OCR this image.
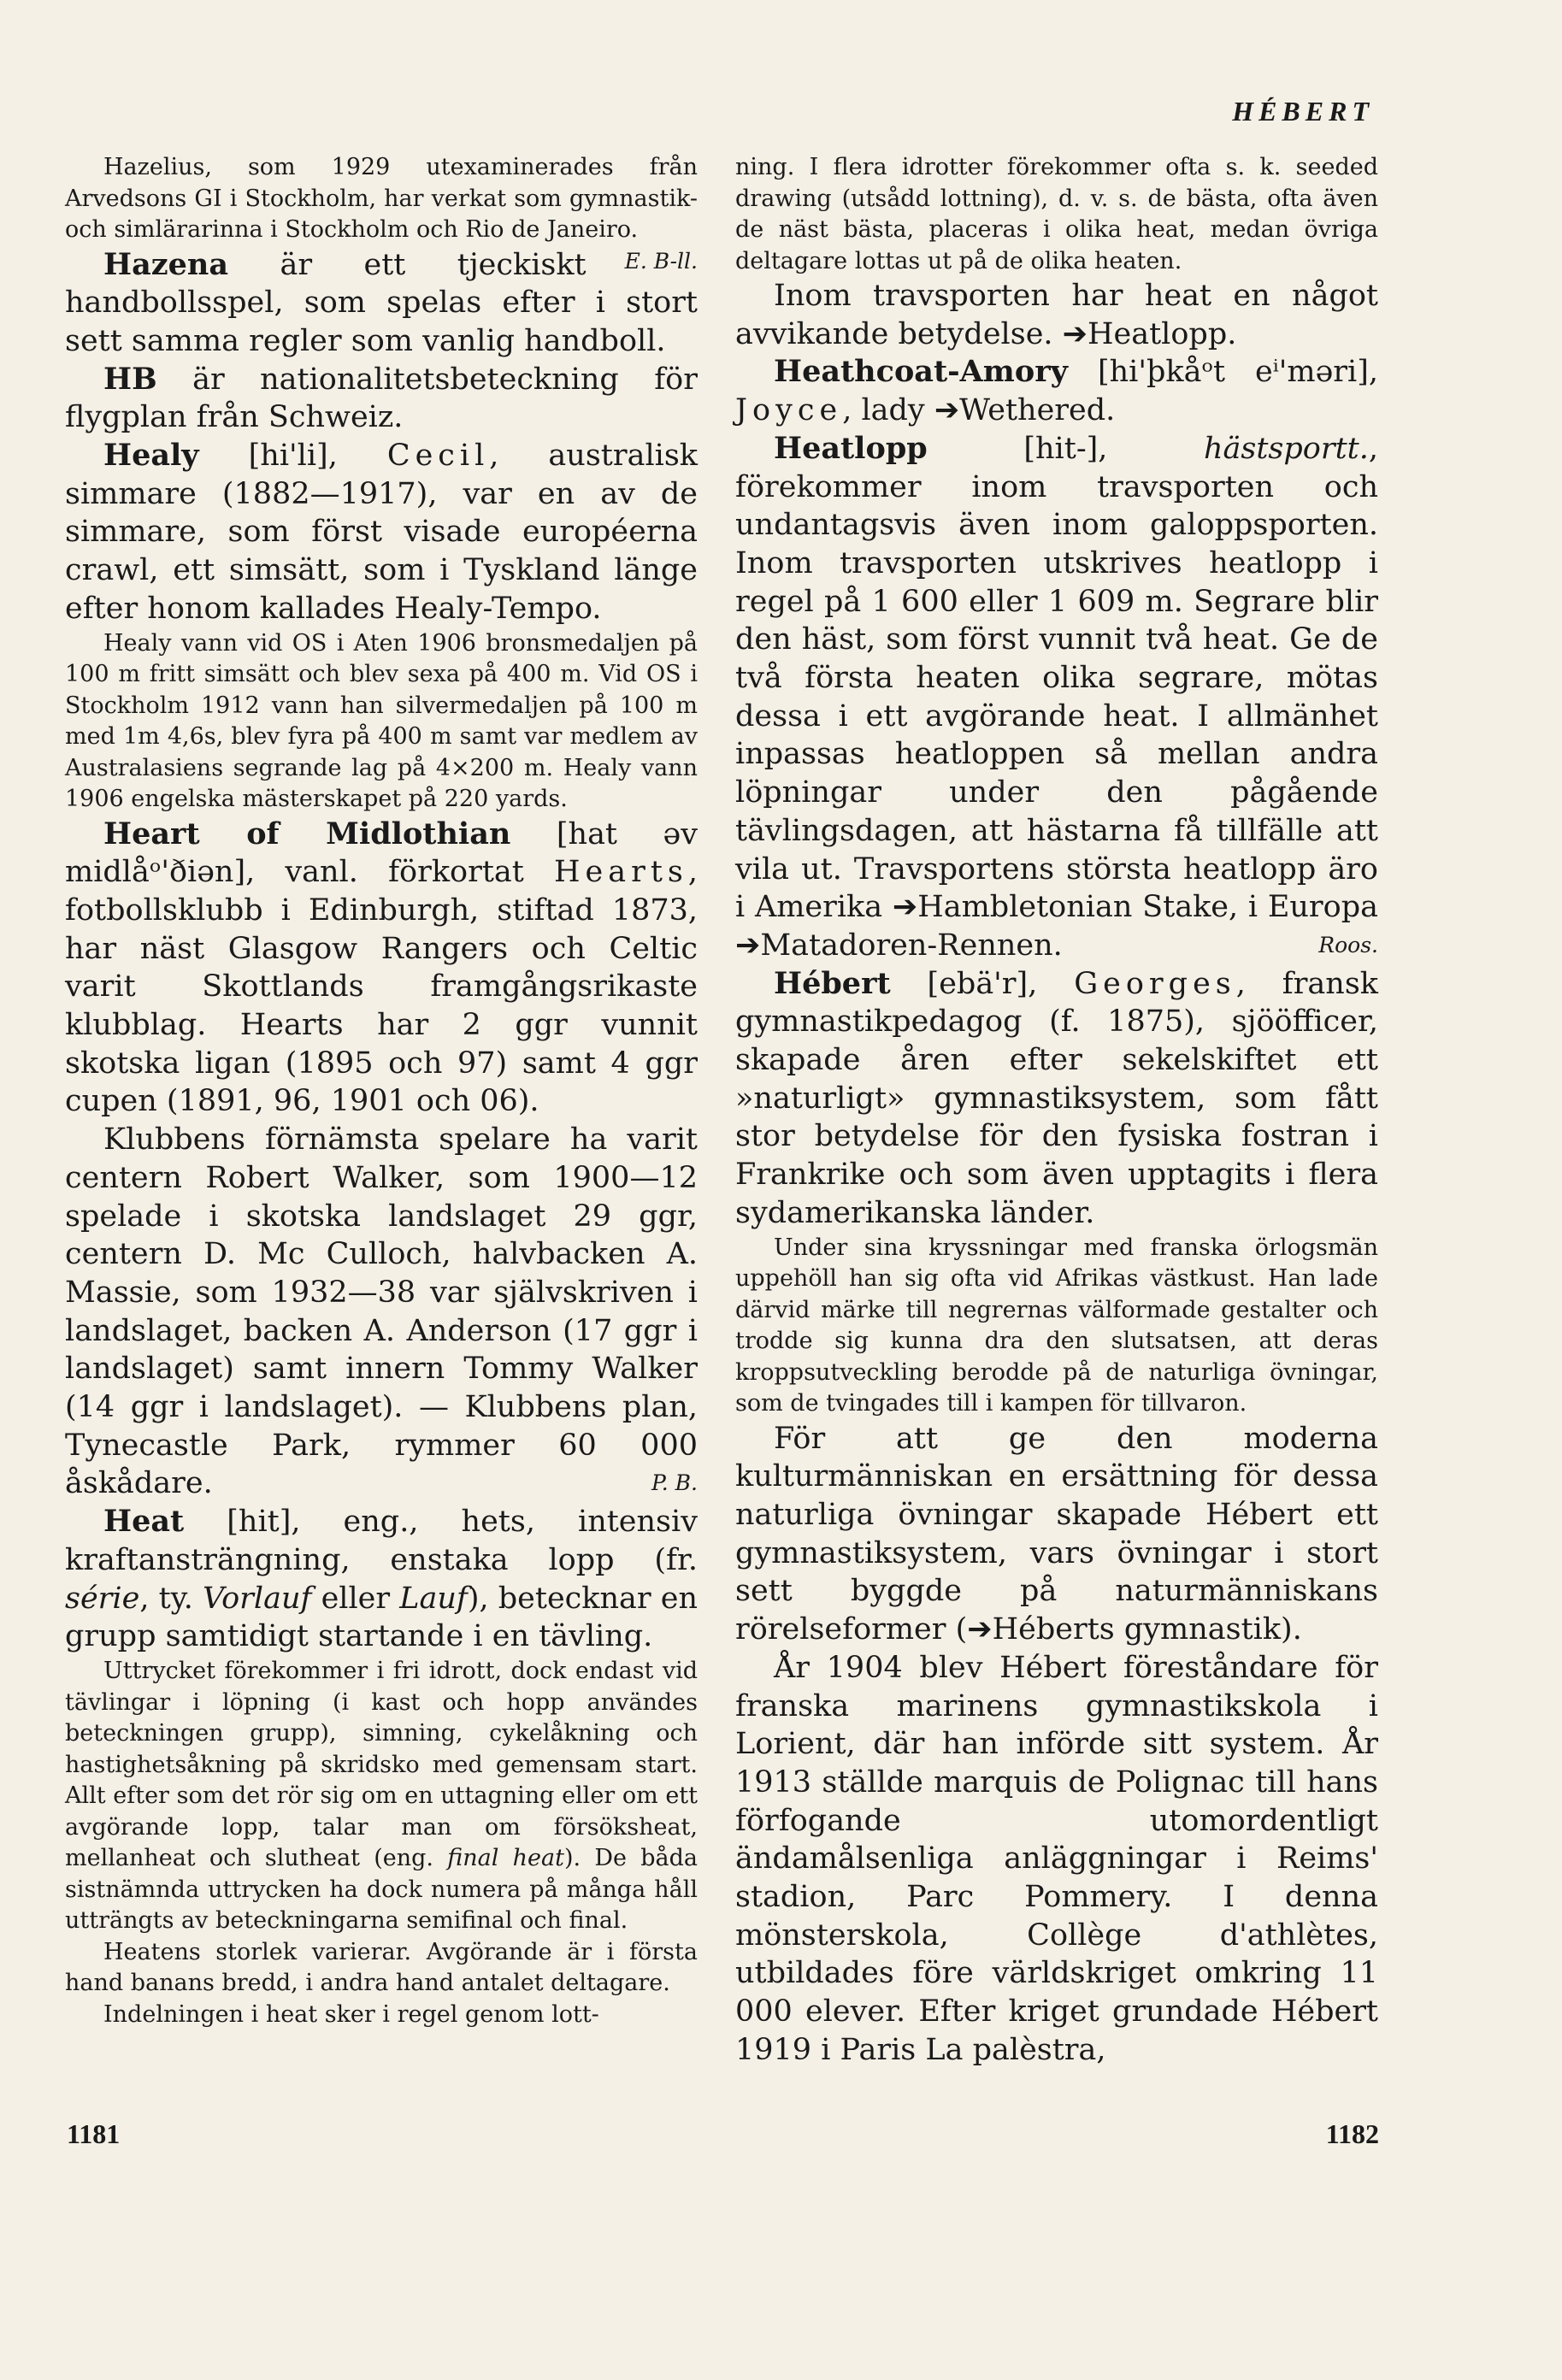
HÉBERT

Hazelius, som 1929 utexaminerades från Arvedsons GI i Stockholm, har verkat som gymnastik- och simlärarinna i Stockholm och Rio de Janeiro.
E. B-ll.

Hazena är ett tjeckiskt handbollsspel, som spelas efter i stort sett samma regler som vanlig handboll.

HB är nationalitetsbeteckning för flygplan från Schweiz.

Healy [hi'li], Cecil, australisk simmare (1882—1917), var en av de simmare, som först visade européerna crawl, ett simsätt, som i Tyskland länge efter honom kallades Healy-Tempo.

Healy vann vid OS i Aten 1906 bronsmedaljen på 100 m fritt simsätt och blev sexa på 400 m. Vid OS i Stockholm 1912 vann han silvermedaljen på 100 m med 1m 4,6s, blev fyra på 400 m samt var medlem av Australasiens segrande lag på 4×200 m. Healy vann 1906 engelska mästerskapet på 220 yards.

Heart of Midlothian [hat əv midlåᵒ'ðiən], vanl. förkortat Hearts, fotbollsklubb i Edinburgh, stiftad 1873, har näst Glasgow Rangers och Celtic varit Skottlands framgångsrikaste klubblag. Hearts har 2 ggr vunnit skotska ligan (1895 och 97) samt 4 ggr cupen (1891, 96, 1901 och 06).

Klubbens förnämsta spelare ha varit centern Robert Walker, som 1900—12 spelade i skotska landslaget 29 ggr, centern D. Mc Culloch, halvbacken A. Massie, som 1932—38 var självskriven i landslaget, backen A. Anderson (17 ggr i landslaget) samt innern Tommy Walker (14 ggr i landslaget). — Klubbens plan, Tynecastle Park, rymmer 60 000 åskådare.	P. B.

Heat [hit], eng., hets, intensiv kraftansträngning, enstaka lopp (fr. série, ty. Vorlauf eller Lauf), betecknar en grupp samtidigt startande i en tävling.

Uttrycket förekommer i fri idrott, dock endast vid tävlingar i löpning (i kast och hopp användes beteckningen grupp), simning, cykelåkning och hastighetsåkning på skridsko med gemensam start. Allt efter som det rör sig om en uttagning eller om ett avgörande lopp, talar man om försöksheat, mellanheat och slutheat (eng. final heat). De båda sistnämnda uttrycken ha dock numera på många håll utträngts av beteckningarna semifinal och final.

Heatens storlek varierar. Avgörande är i första hand banans bredd, i andra hand antalet deltagare.

Indelningen i heat sker i regel genom lott-

ning. I flera idrotter förekommer ofta s. k. seeded drawing (utsådd lottning), d. v. s. de bästa, ofta även de näst bästa, placeras i olika heat, medan övriga deltagare lottas ut på de olika heaten.

Inom travsporten har heat en något avvikande betydelse. ➔Heatlopp.

Heathcoat-Amory [hi'þkåᵒt eⁱ'məri], Joyce, lady ➔Wethered.

Heatlopp [hit-], hästsportt., förekommer inom travsporten och undantagsvis även inom galoppsporten. Inom travsporten utskrives heatlopp i regel på 1 600 eller 1 609 m. Segrare blir den häst, som först vunnit två heat. Ge de två första heaten olika segrare, mötas dessa i ett avgörande heat. I allmänhet inpassas heatloppen så mellan andra löpningar under den pågående tävlingsdagen, att hästarna få tillfälle att vila ut. Travsportens största heatlopp äro i Amerika ➔Hambletonian Stake, i Europa ➔Matadoren-Rennen.	Roos.

Hébert [ebä'r], Georges, fransk gymnastikpedagog (f. 1875), sjööfficer, skapade åren efter sekelskiftet ett »naturligt» gymnastiksystem, som fått stor betydelse för den fysiska fostran i Frankrike och som även upptagits i flera sydamerikanska länder.

Under sina kryssningar med franska örlogsmän uppehöll han sig ofta vid Afrikas västkust. Han lade därvid märke till negrernas välformade gestalter och trodde sig kunna dra den slutsatsen, att deras kroppsutveckling berodde på de naturliga övningar, som de tvingades till i kampen för tillvaron.

För att ge den moderna kulturmänniskan en ersättning för dessa naturliga övningar skapade Hébert ett gymnastiksystem, vars övningar i stort sett byggde på naturmänniskans rörelseformer (➔Héberts gymnastik).

År 1904 blev Hébert föreståndare för franska marinens gymnastikskola i Lorient, där han införde sitt system. År 1913 ställde marquis de Polignac till hans förfogande utomordentligt ändamålsenliga anläggningar i Reims' stadion, Parc Pommery. I denna mönsterskola, Collège d'athlètes, utbildades före världskriget omkring 11 000 elever. Efter kriget grundade Hébert 1919 i Paris La palèstra,

1181	1182
